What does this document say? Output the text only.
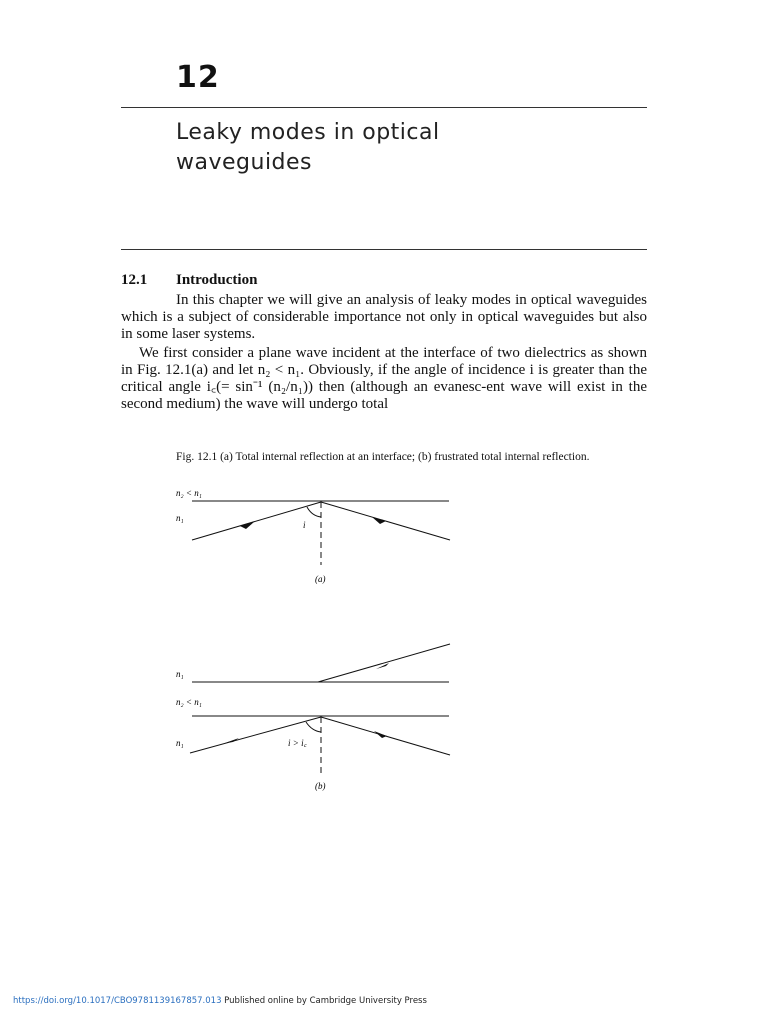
12
Leaky modes in optical
waveguides
12.1 Introduction

In this chapter we will give an analysis of leaky modes in optical waveguides which is a subject of considerable importance not only in optical waveguides but also in some laser systems.

We first consider a plane wave incident at the interface of two dielectrics as shown in Fig. 12.1(a) and let n₂ < n₁. Obviously, if the angle of incidence i is greater than the critical angle i꜀(= sin⁻¹ (n₂/n₁)) then (although an evanesc-ent wave will exist in the second medium) the wave will undergo total

Fig. 12.1 (a) Total internal reflection at an interface; (b) frustrated total internal reflection.
n₂ < n₁
n₁
i
(a)
n₁
n₂ < n₁
n₁	i > i꜀
(b)
https://doi.org/10.1017/CBO9781139167857.013 Published online by Cambridge University Press
